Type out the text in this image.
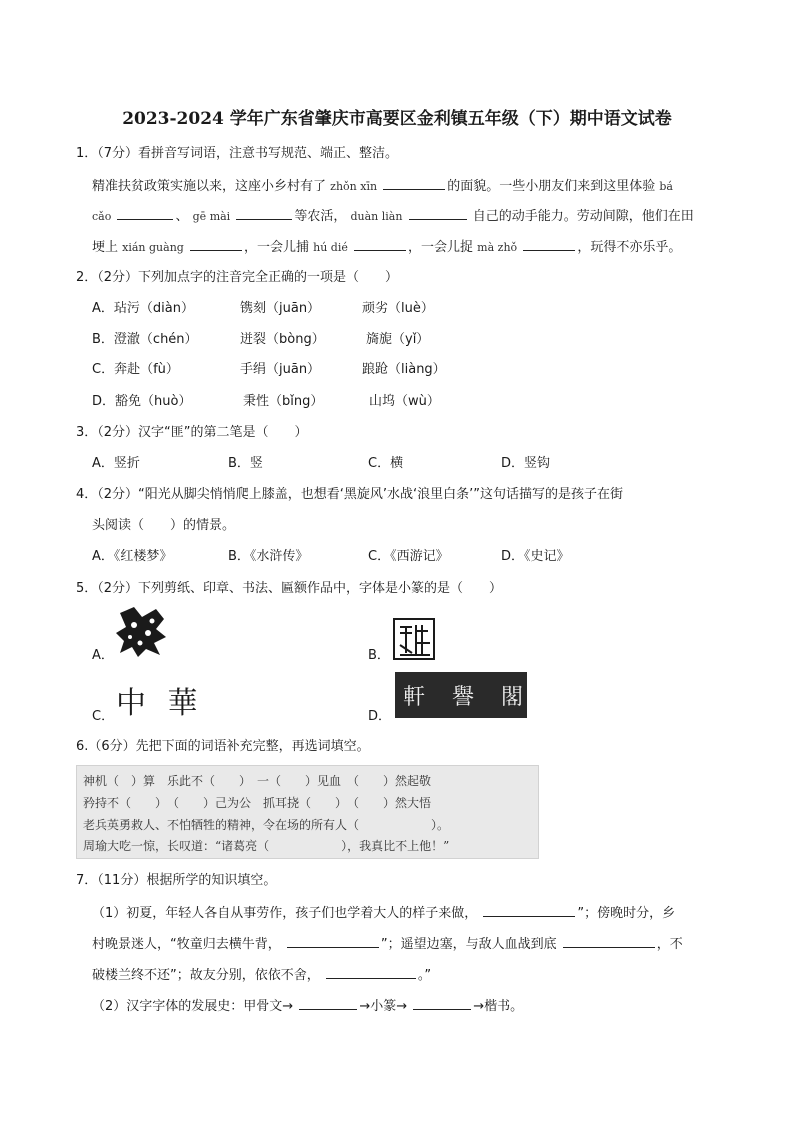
2023-2024 学年广东省肇庆市高要区金利镇五年级（下）期中语文试卷
1．（7分）看拼音写词语，注意书写规范、端正、整洁。
精准扶贫政策实施以来，这座小乡村有了 zhǒn xīn	的面貌。一些小朋友们来到这里体验 bá
cǎo	、 gē mài	等农活， duàn liàn	自己的动手能力。劳动间隙，他们在田
埂上 xián guàng	，一会儿捕 hú dié	，一会儿捉 mà zhǒ	，玩得不亦乐乎。
2．（2分）下列加点字的注音完全正确的一项是（　　）
A．玷污（diàn）	镌刻（juān）	顽劣（luè）
B．澄澈（chén）	迸裂（bòng）	旖旎（yǐ）
C．奔赴（fù）	手绢（juān）	踉跄（liàng）
D．豁免（huò）	秉性（bǐng）	山坞（wù）
3．（2分）汉字“匪”的第二笔是（　　）
A．竖折	B．竖	C．横	D．竖钩
4．（2分）“阳光从脚尖悄悄爬上膝盖，也想看‘黑旋风’水战‘浪里白条’”这句话描写的是孩子在街
头阅读（　　）的情景。
A．《红楼梦》	B．《水浒传》	C．《西游记》	D．《史记》
5．（2分）下列剪纸、印章、书法、匾额作品中，字体是小篆的是（　　）
A．	B．
C． 中 華	D．
軒 譽 閣
6.（6分）先把下面的词语补充完整，再选词填空。
神机（　）算　乐此不（　　）　一（　　）见血　（　　）然起敬
矜持不（　　）　（　　）己为公　抓耳挠（　　）　（　　）然大悟
老兵英勇救人、不怕牺牲的精神，令在场的所有人（　　　　　　）。
周瑜大吃一惊，长叹道：“诸葛亮（　　　　　　），我真比不上他！”
7．（11分）根据所学的知识填空。
（1）初夏，年轻人各自从事劳作，孩子们也学着大人的样子来做，	”；傍晚时分，乡
村晚景迷人，“牧童归去横牛背，	”；遥望边塞，与敌人血战到底	，不
破楼兰终不还”；故友分别，依依不舍，	。”
（2）汉字字体的发展史：甲骨文→	→小篆→	→楷书。
